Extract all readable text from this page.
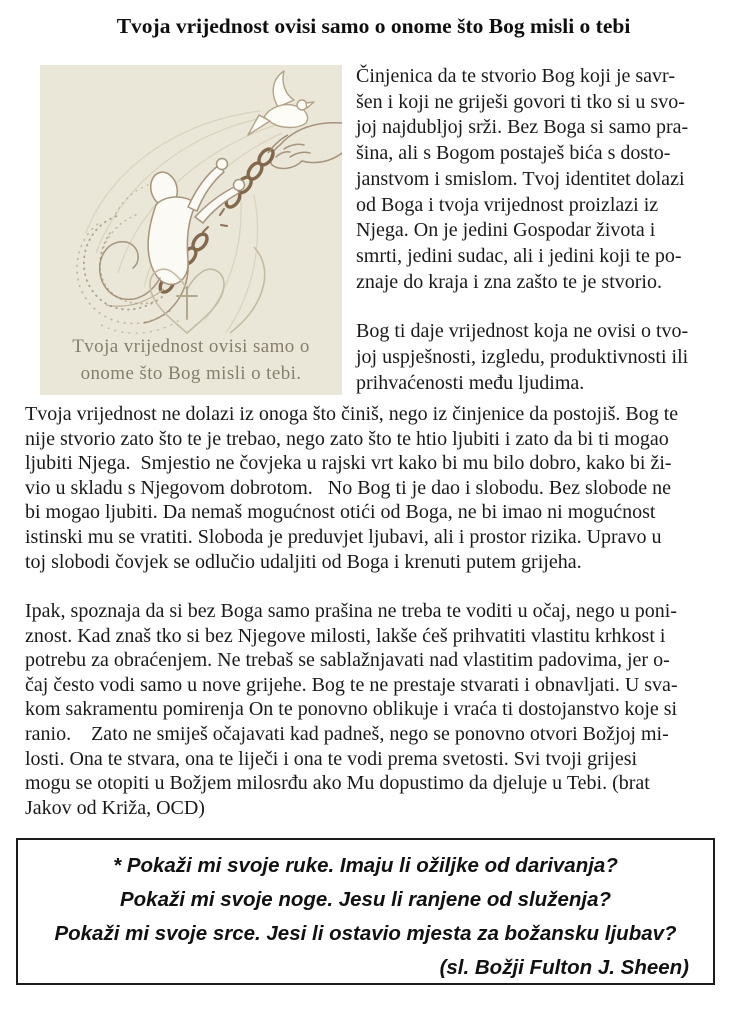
Tvoja vrijednost ovisi samo o onome što Bog misli o tebi
Tvoja vrijednost ovisi samo o
onome što Bog misli o tebi.
Činjenica da te stvorio Bog koji je savr-
šen i koji ne griješi govori ti tko si u svo-
joj najdubljoj srži. Bez Boga si samo pra-
šina, ali s Bogom postaješ bića s dosto-
janstvom i smislom. Tvoj identitet dolazi
od Boga i tvoja vrijednost proizlazi iz
Njega. On je jedini Gospodar života i
smrti, jedini sudac, ali i jedini koji te po-
znaje do kraja i zna zašto te je stvorio.
Bog ti daje vrijednost koja ne ovisi o tvo-
joj uspješnosti, izgledu, produktivnosti ili
prihvaćenosti među ljudima.
Tvoja vrijednost ne dolazi iz onoga što činiš, nego iz činjenice da postojiš. Bog te
nije stvorio zato što te je trebao, nego zato što te htio ljubiti i zato da bi ti mogao
ljubiti Njega.  Smjestio ne čovjeka u rajski vrt kako bi mu bilo dobro, kako bi ži-
vio u skladu s Njegovom dobrotom.   No Bog ti je dao i slobodu. Bez slobode ne
bi mogao ljubiti. Da nemaš mogućnost otići od Boga, ne bi imao ni mogućnost
istinski mu se vratiti. Sloboda je preduvjet ljubavi, ali i prostor rizika. Upravo u
toj slobodi čovjek se odlučio udaljiti od Boga i krenuti putem grijeha.
Ipak, spoznaja da si bez Boga samo prašina ne treba te voditi u očaj, nego u poni-
znost. Kad znaš tko si bez Njegove milosti, lakše ćeš prihvatiti vlastitu krhkost i
potrebu za obraćenjem. Ne trebaš se sablažnjavati nad vlastitim padovima, jer o-
čaj često vodi samo u nove grijehe. Bog te ne prestaje stvarati i obnavljati. U sva-
kom sakramentu pomirenja On te ponovno oblikuje i vraća ti dostojanstvo koje si
ranio.    Zato ne smiješ očajavati kad padneš, nego se ponovno otvori Božjoj mi-
losti. Ona te stvara, ona te liječi i ona te vodi prema svetosti. Svi tvoji grijesi
mogu se otopiti u Božjem milosrđu ako Mu dopustimo da djeluje u Tebi. (brat
Jakov od Križa, OCD)
* Pokaži mi svoje ruke. Imaju li ožiljke od darivanja?
Pokaži mi svoje noge. Jesu li ranjene od služenja?
Pokaži mi svoje srce. Jesi li ostavio mjesta za božansku ljubav?
(sl. Božji Fulton J. Sheen)
